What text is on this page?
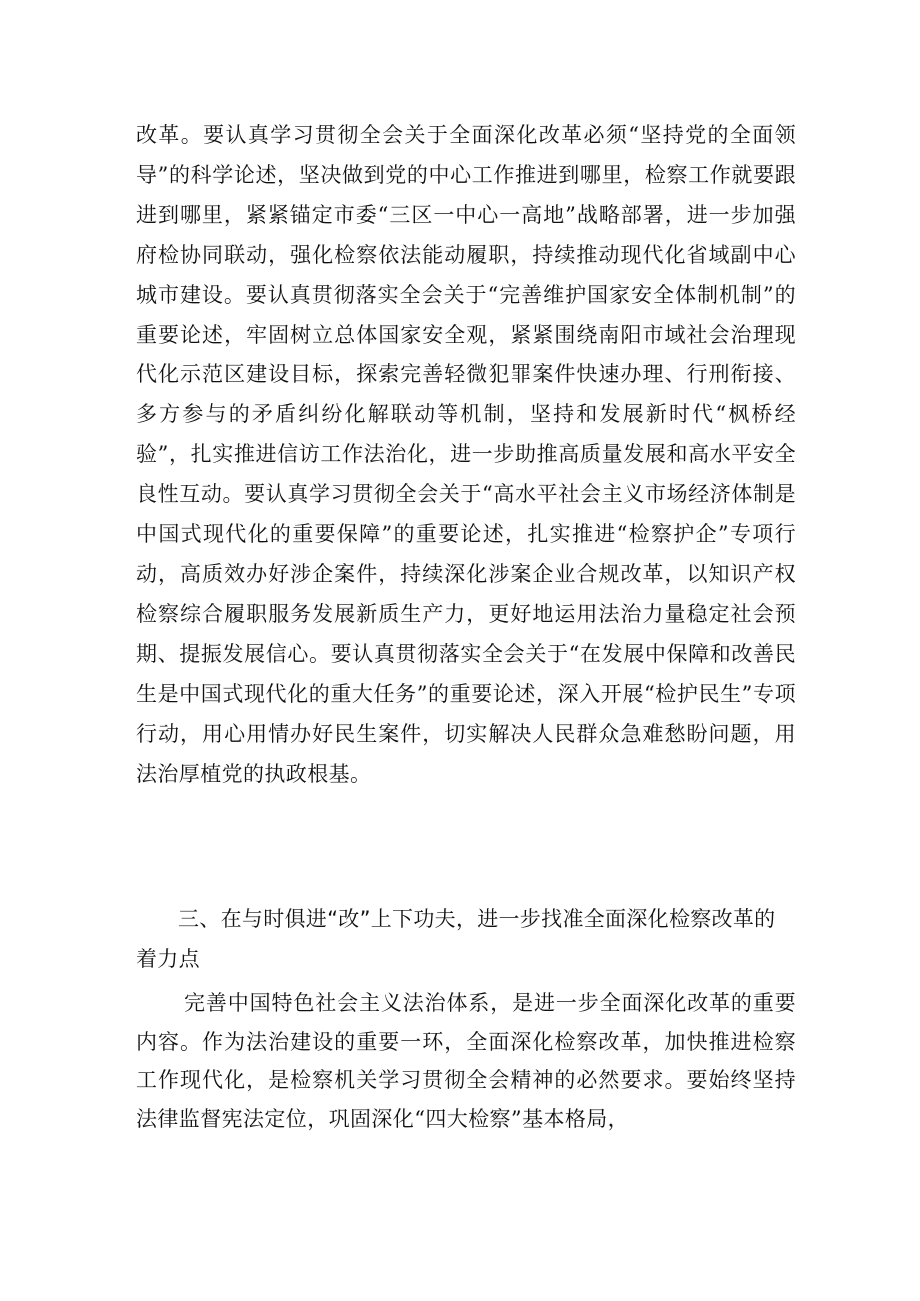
改革。要认真学习贯彻全会关于全面深化改革必须“坚持党的全面领导”的科学论述，坚决做到党的中心工作推进到哪里，检察工作就要跟进到哪里，紧紧锚定市委“三区一中心一高地”战略部署，进一步加强府检协同联动，强化检察依法能动履职，持续推动现代化省域副中心城市建设。要认真贯彻落实全会关于“完善维护国家安全体制机制”的重要论述，牢固树立总体国家安全观，紧紧围绕南阳市域社会治理现代化示范区建设目标，探索完善轻微犯罪案件快速办理、行刑衔接、多方参与的矛盾纠纷化解联动等机制，坚持和发展新时代“枫桥经验”，扎实推进信访工作法治化，进一步助推高质量发展和高水平安全良性互动。要认真学习贯彻全会关于“高水平社会主义市场经济体制是中国式现代化的重要保障”的重要论述，扎实推进“检察护企”专项行动，高质效办好涉企案件，持续深化涉案企业合规改革，以知识产权检察综合履职服务发展新质生产力，更好地运用法治力量稳定社会预期、提振发展信心。要认真贯彻落实全会关于“在发展中保障和改善民生是中国式现代化的重大任务”的重要论述，深入开展“检护民生”专项行动，用心用情办好民生案件，切实解决人民群众急难愁盼问题，用法治厚植党的执政根基。
三、在与时俱进“改”上下功夫，进一步找准全面深化检察改革的着力点
完善中国特色社会主义法治体系，是进一步全面深化改革的重要内容。作为法治建设的重要一环，全面深化检察改革，加快推进检察工作现代化，是检察机关学习贯彻全会精神的必然要求。要始终坚持法律监督宪法定位，巩固深化“四大检察”基本格局，
